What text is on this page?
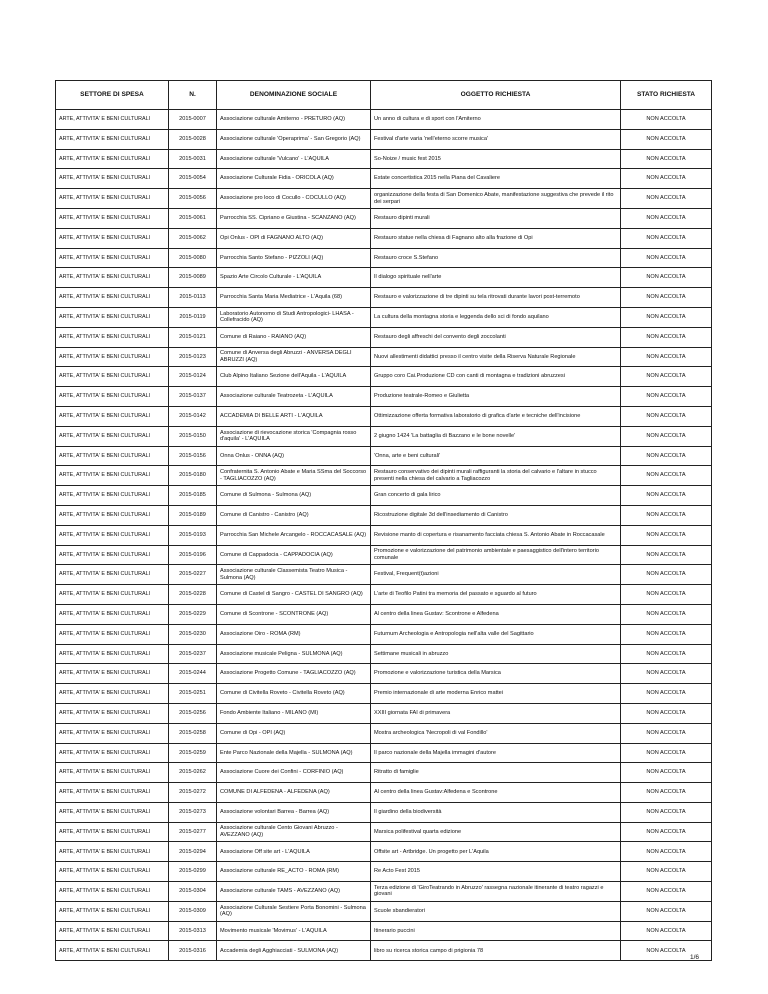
SETTORE DI SPESA	N.	DENOMINAZIONE SOCIALE	OGGETTO RICHIESTA	STATO RICHIESTA
ARTE, ATTIVITA' E BENI CULTURALI	2015-0007	Associazione culturale Amiterno - PRETURO (AQ)	Un anno di cultura e di sport con l'Amiterno	NON ACCOLTA
ARTE, ATTIVITA' E BENI CULTURALI	2015-0028	Associazione culturale 'Operaprima' - San Gregorio (AQ)	Festival d'arte varia 'nell'eterno scorre musica'	NON ACCOLTA
ARTE, ATTIVITA' E BENI CULTURALI	2015-0031	Associazione culturale 'Vulcano' - L'AQUILA	So-Noize / music fest 2015	NON ACCOLTA
ARTE, ATTIVITA' E BENI CULTURALI	2015-0054	Associazione Culturale Fidia - ORICOLA (AQ)	Estate concertistica 2015 nella Piana del Cavaliere	NON ACCOLTA
ARTE, ATTIVITA' E BENI CULTURALI	2015-0056	Associazione pro loco di Cocullo - COCULLO (AQ)	organizzazione della festa di San Domenico Abate, manifestazione suggestiva che prevede il rito dei serpari	NON ACCOLTA
ARTE, ATTIVITA' E BENI CULTURALI	2015-0061	Parrocchia SS. Cipriano e Giustina - SCANZANO (AQ)	Restauro dipinti murali	NON ACCOLTA
ARTE, ATTIVITA' E BENI CULTURALI	2015-0062	Opi Onlus - OPI di FAGNANO ALTO (AQ)	Restauro statue nella chiesa di Fagnano alto alla frazione di Opi	NON ACCOLTA
ARTE, ATTIVITA' E BENI CULTURALI	2015-0080	Parrocchia Santo Stefano - PIZZOLI (AQ)	Restauro croce S.Stefano	NON ACCOLTA
ARTE, ATTIVITA' E BENI CULTURALI	2015-0089	Spazio Arte Circolo Culturale - L'AQUILA	Il dialogo spirituale nell'arte	NON ACCOLTA
ARTE, ATTIVITA' E BENI CULTURALI	2015-0113	Parrocchia Santa Maria Mediatrice - L'Aquila (68)	Restauro e valorizzazione di tre dipinti su tela ritrovati durante lavori post-terremoto	NON ACCOLTA
ARTE, ATTIVITA' E BENI CULTURALI	2015-0119	Laboratorio Autonomo di Studi Antropologici- LHASA - Collefracido (AQ)	La cultura della montagna storia e leggenda dello sci di fondo aquilano	NON ACCOLTA
ARTE, ATTIVITA' E BENI CULTURALI	2015-0121	Comune di Raiano - RAIANO (AQ)	Restauro degli affreschi del convento degli zoccolanti	NON ACCOLTA
ARTE, ATTIVITA' E BENI CULTURALI	2015-0123	Comune di Anversa degli Abruzzi - ANVERSA DEGLI ABRUZZI (AQ)	Nuovi allestimenti didattici presso il centro visite della Riserva Naturale Regionale	NON ACCOLTA
ARTE, ATTIVITA' E BENI CULTURALI	2015-0124	Club Alpino Italiano Sezione dell'Aquila - L'AQUILA	Gruppo coro Cai.Produzione CD con canti di montagna e tradizioni abruzzesi	NON ACCOLTA
ARTE, ATTIVITA' E BENI CULTURALI	2015-0137	Associazione culturale Teatrozeta - L'AQUILA	Produzione teatrale-Romeo e Giulietta	NON ACCOLTA
ARTE, ATTIVITA' E BENI CULTURALI	2015-0142	ACCADEMIA DI BELLE ARTI - L'AQUILA	Ottimizzazione offerta formativa laboratorio di grafica d'arte e tecniche dell'incisione	NON ACCOLTA
ARTE, ATTIVITA' E BENI CULTURALI	2015-0150	Associazione di rievocazione storica 'Compagnia rosso d'aquila' - L'AQUILA	2 giugno 1424 'La battaglia di Bazzano e le bone novelle'	NON ACCOLTA
ARTE, ATTIVITA' E BENI CULTURALI	2015-0156	Onna Onlus - ONNA (AQ)	'Onna, arte e beni culturali'	NON ACCOLTA
ARTE, ATTIVITA' E BENI CULTURALI	2015-0180	Confraternita S. Antonio Abate e Maria SSma del Soccorso - TAGLIACOZZO (AQ)	Restauro conservativo dei dipinti murali raffiguranti la storia del calvario e l'altare in stucco presenti nella chiesa del calvario a Tagliacozzo	NON ACCOLTA
ARTE, ATTIVITA' E BENI CULTURALI	2015-0185	Comune di Sulmona - Sulmona (AQ)	Gran concerto di gala lirico	NON ACCOLTA
ARTE, ATTIVITA' E BENI CULTURALI	2015-0189	Comune di Canistro - Canistro (AQ)	Ricostruzione digitale 3d dell'insediamento di Canistro	NON ACCOLTA
ARTE, ATTIVITA' E BENI CULTURALI	2015-0193	Parrocchia San Michele Arcangelo - ROCCACASALE (AQ)	Revisione manto di copertura e risanamento facciata chiesa S. Antonio Abate in Roccacasale	NON ACCOLTA
ARTE, ATTIVITA' E BENI CULTURALI	2015-0196	Comune di Cappadocia - CAPPADOCIA (AQ)	Promozione e valorizzazione del patrimonio ambientale e paesaggistico dell'intero territorio comunale	NON ACCOLTA
ARTE, ATTIVITA' E BENI CULTURALI	2015-0227	Associazione culturale Classemista Teatro Musica - Sulmona (AQ)	Festival, Frequent(t)azioni	NON ACCOLTA
ARTE, ATTIVITA' E BENI CULTURALI	2015-0228	Comune di Castel di Sangro - CASTEL DI SANGRO (AQ)	L'arte di Teofilo Patini tra memoria del passato e sguardo al futuro	NON ACCOLTA
ARTE, ATTIVITA' E BENI CULTURALI	2015-0229	Comune di Scontrone - SCONTRONE (AQ)	Al centro della linea Gustav: Scontrone e Alfedena	NON ACCOLTA
ARTE, ATTIVITA' E BENI CULTURALI	2015-0230	Associazione Oiro - ROMA (RM)	Futurnum Archeologia e Antropologia nell'alta valle del Sagittario	NON ACCOLTA
ARTE, ATTIVITA' E BENI CULTURALI	2015-0237	Associazione musicale Peligna - SULMONA (AQ)	Settimane musicali in abruzzo	NON ACCOLTA
ARTE, ATTIVITA' E BENI CULTURALI	2015-0244	Associazione Progetto Comune - TAGLIACOZZO (AQ)	Promozione e valorizzazione turistica della Marsica	NON ACCOLTA
ARTE, ATTIVITA' E BENI CULTURALI	2015-0251	Comune di Civitella Roveto - Civitella Roveto (AQ)	Premio internazionale di arte moderna Enrico mattei	NON ACCOLTA
ARTE, ATTIVITA' E BENI CULTURALI	2015-0256	Fondo Ambiente Italiano - MILANO (MI)	XXIII giornata FAI di primavera	NON ACCOLTA
ARTE, ATTIVITA' E BENI CULTURALI	2015-0258	Comune di Opi - OPI (AQ)	Mostra archeologica 'Necropoli di val Fondillo'	NON ACCOLTA
ARTE, ATTIVITA' E BENI CULTURALI	2015-0259	Ente Parco Nazionale della Majella - SULMONA (AQ)	Il parco nazionale della Majella immagini d'autore	NON ACCOLTA
ARTE, ATTIVITA' E BENI CULTURALI	2015-0262	Associazione Cuore dei Confini - CORFINIO (AQ)	Ritratto di famiglie	NON ACCOLTA
ARTE, ATTIVITA' E BENI CULTURALI	2015-0272	COMUNE DI ALFEDENA - ALFEDENA (AQ)	Al centro della linea Gustav:Alfedena e Scontrone	NON ACCOLTA
ARTE, ATTIVITA' E BENI CULTURALI	2015-0273	Associazione volontari Barrea - Barrea (AQ)	Il giardino della biodiversità	NON ACCOLTA
ARTE, ATTIVITA' E BENI CULTURALI	2015-0277	Associazione culturale Cento Giovani Abruzzo - AVEZZANO (AQ)	Marsica polifestival quarta edizione	NON ACCOLTA
ARTE, ATTIVITA' E BENI CULTURALI	2015-0294	Associazione Off site art - L'AQUILA	Offsite art - Artbridge. Un progetto per L'Aquila	NON ACCOLTA
ARTE, ATTIVITA' E BENI CULTURALI	2015-0299	Associazione culturale RE_ACTO - ROMA (RM)	Re Acto Fest 2015	NON ACCOLTA
ARTE, ATTIVITA' E BENI CULTURALI	2015-0304	Associazione culturale TAMS - AVEZZANO (AQ)	Terza edizione di 'GiroTeatrando in Abruzzo' rassegna nazionale itinerante di teatro ragazzi e giovani	NON ACCOLTA
ARTE, ATTIVITA' E BENI CULTURALI	2015-0309	Associazione Culturale Sestiere Porta Bonomini - Sulmona (AQ)	Scuole sbandieratori	NON ACCOLTA
ARTE, ATTIVITA' E BENI CULTURALI	2015-0313	Movimento musicale 'Movimus' - L'AQUILA	Itinerario puccini	NON ACCOLTA
ARTE, ATTIVITA' E BENI CULTURALI	2015-0316	Accademia degli Agghiacciati - SULMONA (AQ)	libro su ricerca storica campo di prigionia 78	NON ACCOLTA
1/6
